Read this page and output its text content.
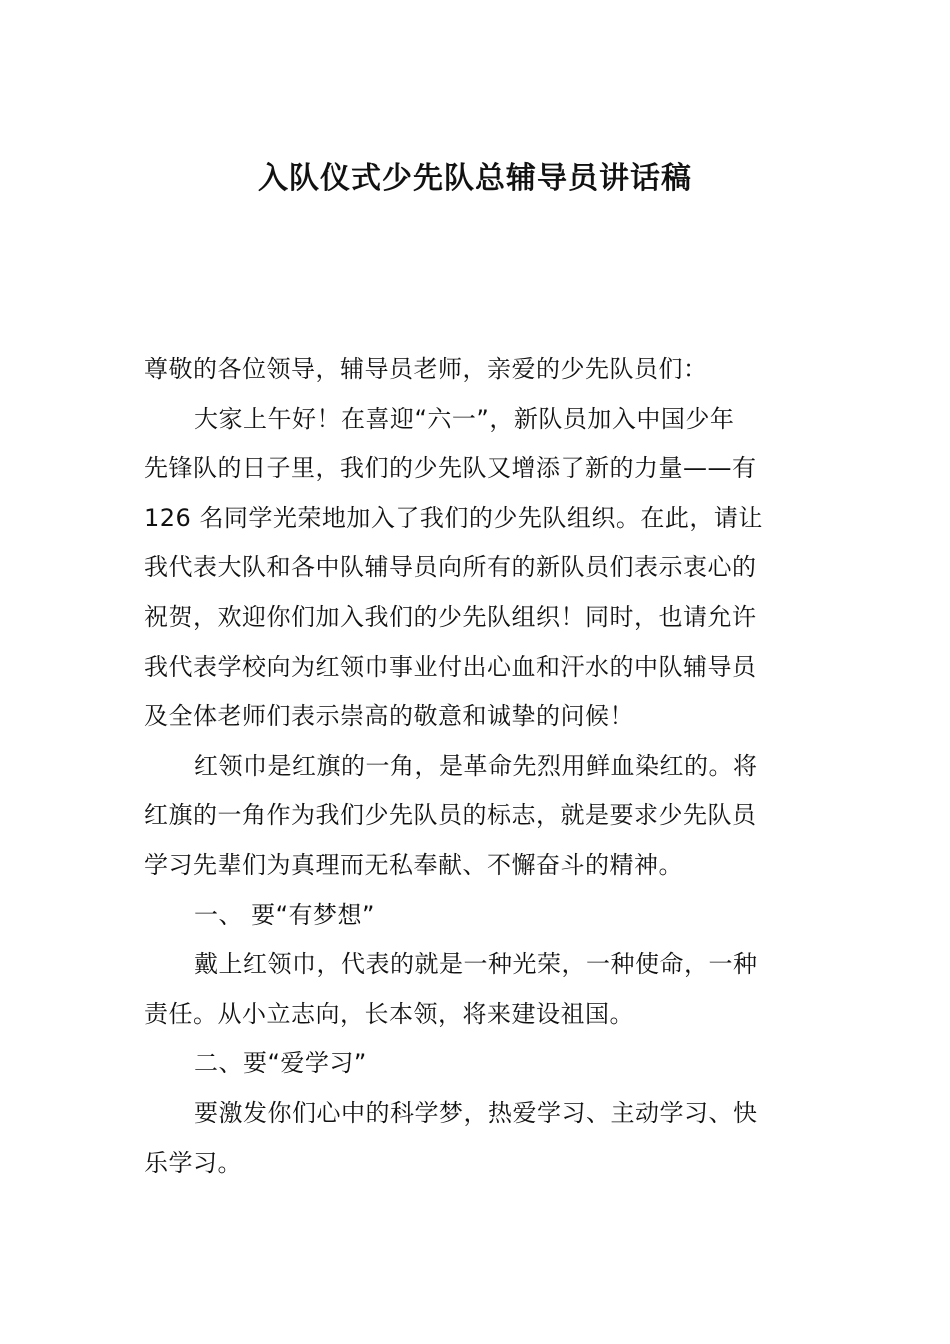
入队仪式少先队总辅导员讲话稿

尊敬的各位领导，辅导员老师，亲爱的少先队员们：

大家上午好！在喜迎“六一”，新队员加入中国少年
先锋队的日子里，我们的少先队又增添了新的力量——有
126 名同学光荣地加入了我们的少先队组织。在此，请让
我代表大队和各中队辅导员向所有的新队员们表示衷心的
祝贺，欢迎你们加入我们的少先队组织！同时，也请允许
我代表学校向为红领巾事业付出心血和汗水的中队辅导员
及全体老师们表示崇高的敬意和诚挚的问候！

红领巾是红旗的一角，是革命先烈用鲜血染红的。将
红旗的一角作为我们少先队员的标志，就是要求少先队员
学习先辈们为真理而无私奉献、不懈奋斗的精神。

一、 要“有梦想”

戴上红领巾，代表的就是一种光荣，一种使命，一种
责任。从小立志向，长本领，将来建设祖国。

二、要“爱学习”

要激发你们心中的科学梦，热爱学习、主动学习、快
乐学习。
